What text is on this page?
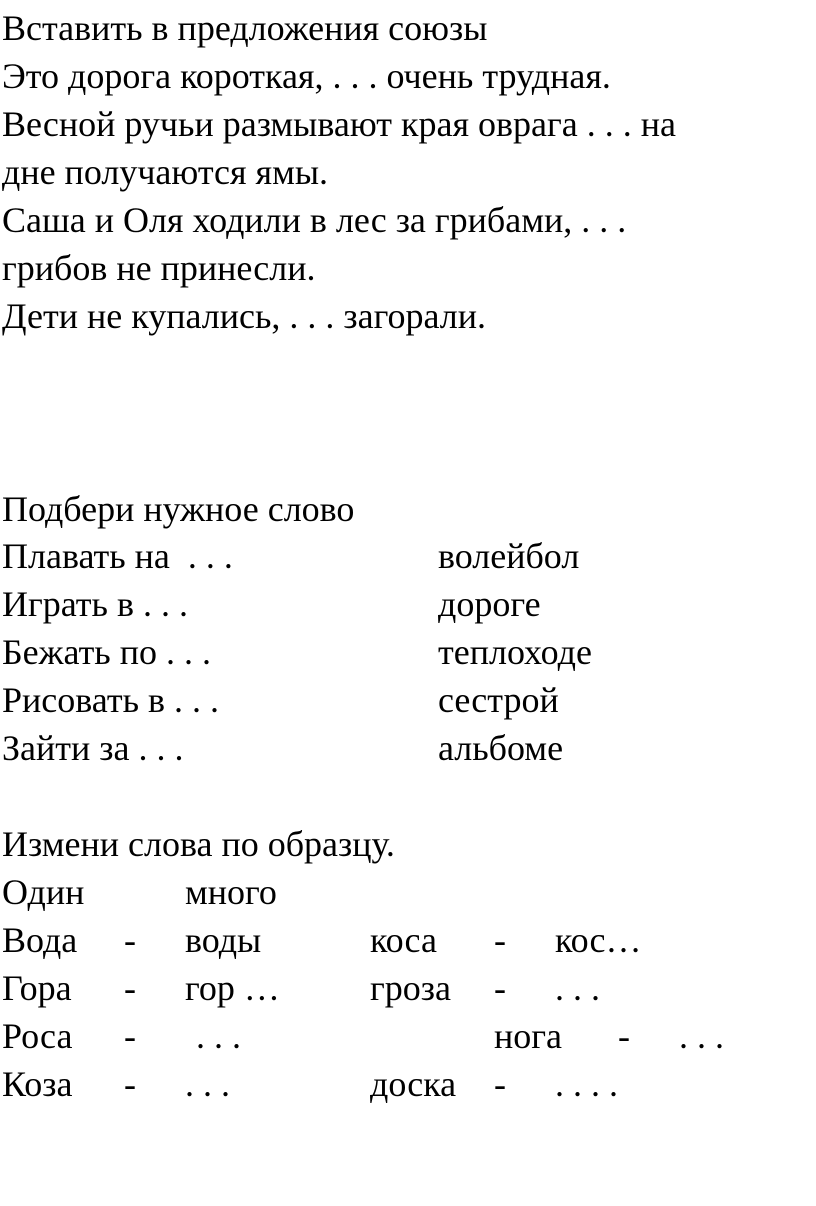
Вставить в предложения союзы
Это дорога короткая, . . . очень трудная.
Весной ручьи размывают края оврага . . . на
дне получаются ямы.
Саша и Оля ходили в лес за грибами, . . .
грибов не принесли.
Дети не купались, . . . загорали.
Подбери нужное слово
Плавать на  . . .	волейбол
Играть в . . .	дороге
Бежать по . . .	теплоходе
Рисовать в . . .	сестрой
Зайти за . . .	альбоме
Измени слова по образцу.
Один	много
Вода - воды	коса - кос…
Гора - гор …	гроза - . . .
Роса - . . .	нога - . . .
Коза - . . .	доска - . . . .
